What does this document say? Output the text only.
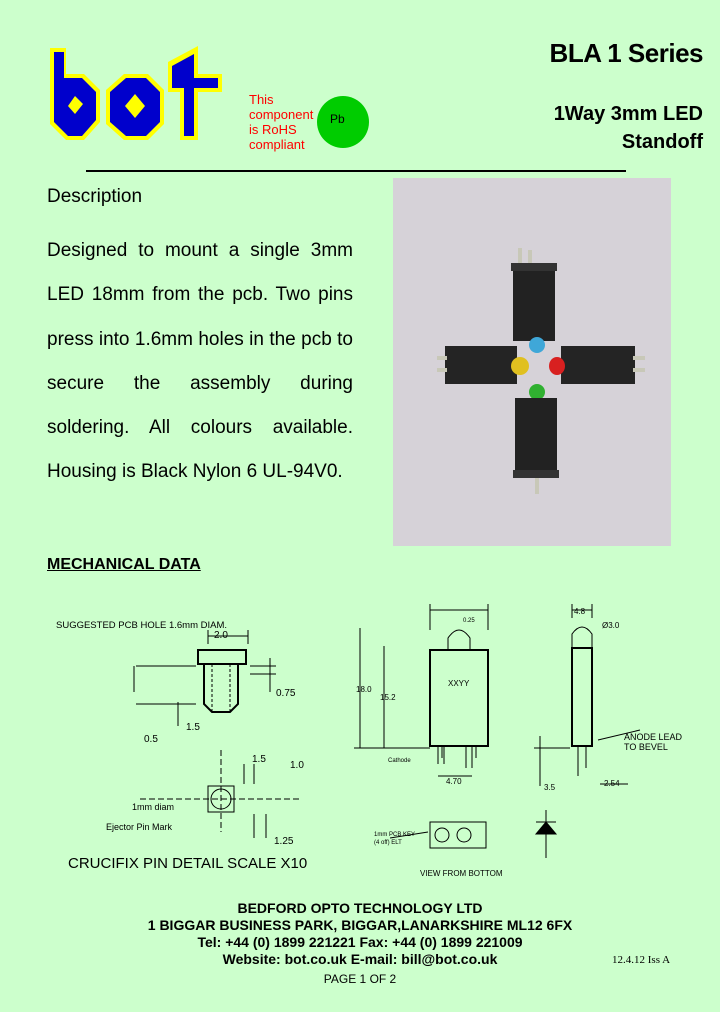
This
component
is RoHS
compliant
Pb
BLA 1 Series
1Way 3mm LED
Standoff
Description
Designed to mount a single 3mm LED 18mm from the pcb. Two pins press into 1.6mm holes in the pcb to secure the assembly during soldering. All colours available. Housing is Black Nylon 6 UL-94V0.
MECHANICAL DATA
SUGGESTED PCB HOLE 1.6mm DIAM.
2.0
0.75
1.5
0.5
1.5
1.0
1mm diam
Ejector Pin Mark
1.25
0.25
18.0
15.2
XXYY
Cathode
4.70
4.8
Ø3.0
ANODE LEAD
TO BEVEL
3.5	2.54
1mm PCB KEY
(4 off) ELT
VIEW FROM BOTTOM
CRUCIFIX PIN DETAIL SCALE X10
BEDFORD OPTO TECHNOLOGY LTD
1 BIGGAR BUSINESS PARK, BIGGAR,LANARKSHIRE ML12 6FX
Tel: +44 (0) 1899 221221 Fax: +44 (0) 1899 221009
Website: bot.co.uk E-mail: bill@bot.co.uk	12.4.12 Iss A
PAGE 1 OF 2
